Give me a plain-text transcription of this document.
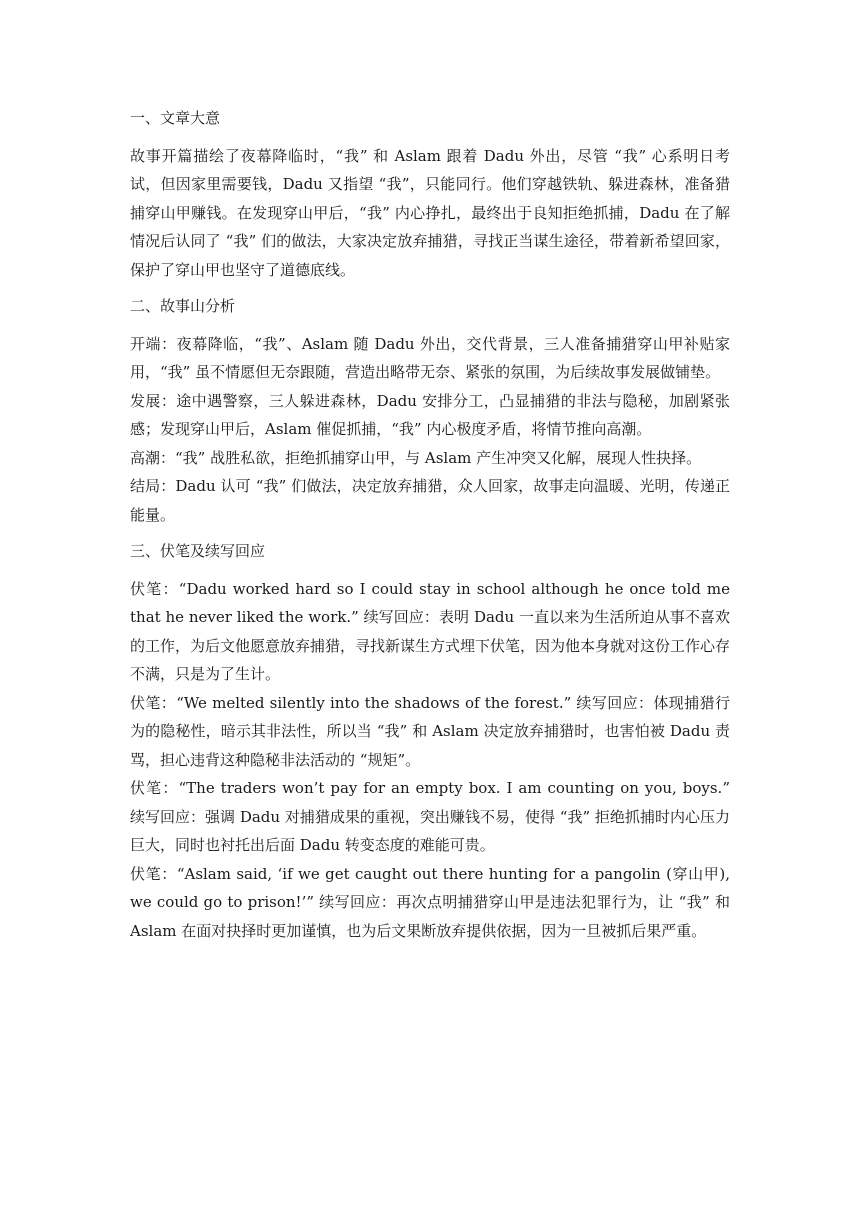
一、文章大意

故事开篇描绘了夜幕降临时，“我” 和 Aslam 跟着 Dadu 外出，尽管 “我” 心系明日考试，但因家里需要钱，Dadu 又指望 “我”，只能同行。他们穿越铁轨、躲进森林，准备猎捕穿山甲赚钱。在发现穿山甲后，“我” 内心挣扎，最终出于良知拒绝抓捕，Dadu 在了解情况后认同了 “我” 们的做法，大家决定放弃捕猎，寻找正当谋生途径，带着新希望回家，保护了穿山甲也坚守了道德底线。

二、故事山分析

开端：夜幕降临，“我”、Aslam 随 Dadu 外出，交代背景，三人准备捕猎穿山甲补贴家用，“我” 虽不情愿但无奈跟随，营造出略带无奈、紧张的氛围，为后续故事发展做铺垫。

发展：途中遇警察，三人躲进森林，Dadu 安排分工，凸显捕猎的非法与隐秘，加剧紧张感；发现穿山甲后，Aslam 催促抓捕，“我” 内心极度矛盾，将情节推向高潮。

高潮：“我” 战胜私欲，拒绝抓捕穿山甲，与 Aslam 产生冲突又化解，展现人性抉择。

结局：Dadu 认可 “我” 们做法，决定放弃捕猎，众人回家，故事走向温暖、光明，传递正能量。

三、伏笔及续写回应

伏笔：“Dadu worked hard so I could stay in school although he once told me that he never liked the work.” 续写回应：表明 Dadu 一直以来为生活所迫从事不喜欢的工作，为后文他愿意放弃捕猎，寻找新谋生方式埋下伏笔，因为他本身就对这份工作心存不满，只是为了生计。

伏笔：“We melted silently into the shadows of the forest.” 续写回应：体现捕猎行为的隐秘性，暗示其非法性，所以当 “我” 和 Aslam 决定放弃捕猎时，也害怕被 Dadu 责骂，担心违背这种隐秘非法活动的 “规矩”。

伏笔：“The traders won’t pay for an empty box. I am counting on you, boys.” 续写回应：强调 Dadu 对捕猎成果的重视，突出赚钱不易，使得 “我” 拒绝抓捕时内心压力巨大，同时也衬托出后面 Dadu 转变态度的难能可贵。

伏笔：“Aslam said, ‘if we get caught out there hunting for a pangolin (穿山甲), we could go to prison!’” 续写回应：再次点明捕猎穿山甲是违法犯罪行为，让 “我” 和 Aslam 在面对抉择时更加谨慎，也为后文果断放弃提供依据，因为一旦被抓后果严重。
